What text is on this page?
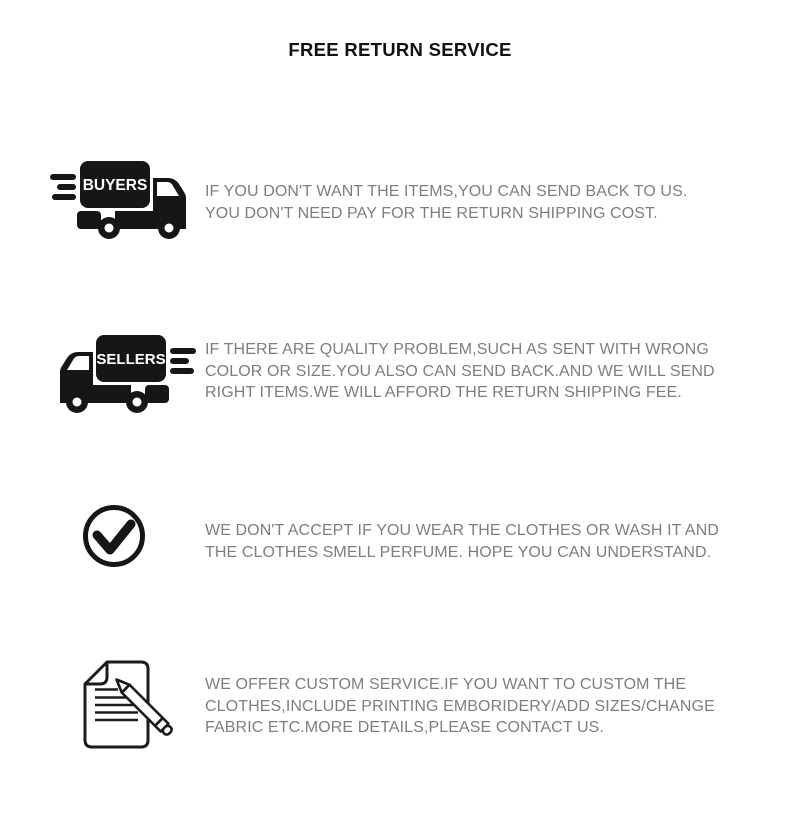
FREE RETURN SERVICE
BUYERS	IF YOU DON'T WANT THE ITEMS,YOU CAN SEND BACK TO US.
YOU DON'T NEED PAY FOR THE RETURN SHIPPING COST.
SELLERS
IF THERE ARE QUALITY PROBLEM,SUCH AS SENT WITH WRONG
COLOR OR SIZE.YOU ALSO CAN SEND BACK.AND WE WILL SEND
RIGHT ITEMS.WE WILL AFFORD THE RETURN SHIPPING FEE.
WE DON'T ACCEPT IF YOU WEAR THE CLOTHES OR WASH IT AND
THE CLOTHES SMELL PERFUME. HOPE YOU CAN UNDERSTAND.
WE OFFER CUSTOM SERVICE.IF YOU WANT TO CUSTOM THE
CLOTHES,INCLUDE PRINTING EMBORIDERY/ADD SIZES/CHANGE
FABRIC ETC.MORE DETAILS,PLEASE CONTACT US.
